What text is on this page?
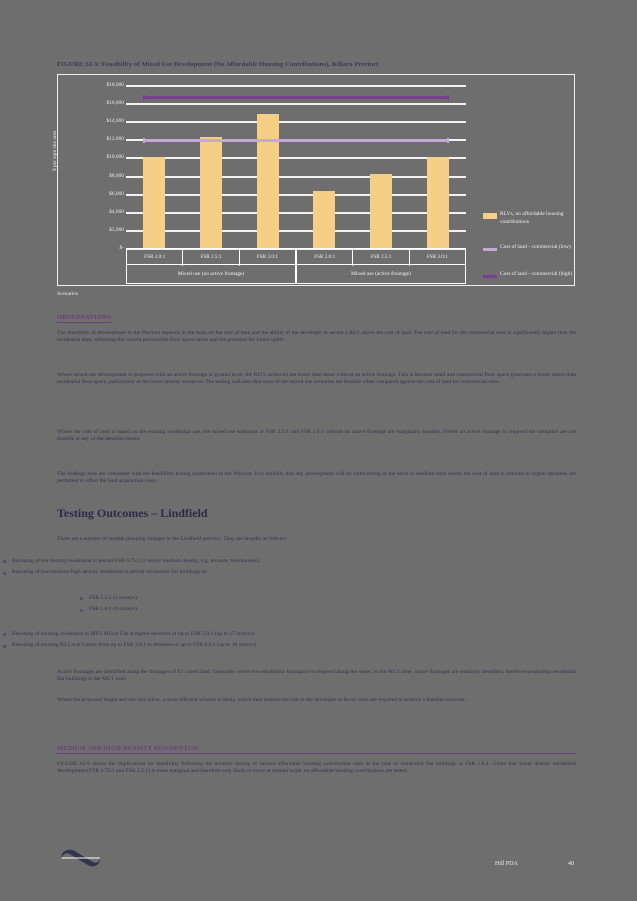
FIGURE S2-5: Feasibility of Mixed Use Development (No Affordable Housing Contributions), Killara Precinct
$ per sqm site area
$18,000
$16,000
$14,000
$12,000
$10,000
$8,000
$6,000
$4,000
$2,000
$-
FSR 2.0:1	FSR 2.5:1	FSR 3.0:1
Mixed use (no active frontage)
FSR 2.0:1	FSR 2.5:1	FSR 3.0:1
Mixed use (active frontage)
RLVs, no affordable housing contributions
Cost of land - commercial (low)
Cost of land - commercial (high)
Scenarios
OBSERVATIONS

The feasibility of development in the Precinct depends in the main on the cost of land and the ability of the developer to secure a RLV above the cost of land. The cost of land for the commercial sites is significantly higher than the residential sites, reflecting the current permissible floor space ratios and the potential for future uplift.

Where mixed use development is proposed with an active frontage at ground level, the RLVs achieved are lower than those without an active frontage. This is because retail and commercial floor space generates a lower return than residential floor space, particularly at the lower density scenarios. The testing indicates that none of the mixed use scenarios are feasible when compared against the cost of land for commercial sites.

Where the cost of land is based on the existing residential use, the mixed use scenarios at FSR 2.5:1 and FSR 3.0:1 without an active frontage are marginally feasible. Where an active frontage is required the scenarios are not feasible at any of the densities tested.

The findings here are consistent with the feasibility testing undertaken in the Precinct. It is unlikely that any development will be forthcoming in the short to medium term unless the cost of land is reduced or higher densities are permitted to offset the land acquisition costs.

Testing Outcomes – Lindfield

There are a number of notable planning changes in the Lindfield precinct. They are broadly as follows:

Rezoning of low density residential to permit FSR 0.75:1 (3 storey medium density, e.g. terraces, townhouses).
Rezoning of low/medium/high density residential to permit residential flat buildings at:
FSR 1.2:1 (5 storeys)
FSR 1.8:1 (8 storeys)
Rezoning of existing residential to MU1 Mixed Use at higher densities of up to FSR 5.0:1 (up to 17 storeys).
Rezoning of existing B2 Local Centre from up to FSR 3.0:1 to densities of up to FSR 6.0:1 (up to 18 storeys).

Active frontages are identified along the frontages of E1 zoned land. Generally where non-residential floorspace is required along the street, in the MU1 zone, active frontages are similarly identified, therefore precluding residential flat buildings in the MU1 zone.

Where the proposed height and site size allow, a more efficient scheme is likely, which then reduces the risk to the developer as fewer units are required to achieve a feasible outcome.

MEDIUM AND HIGH DENSITY RESIDENTIAL

FIGURE S2-6 shows the implications for feasibility following the iterative testing of various affordable housing contribution rates in the case of residential flat buildings at FSR 1.8:1. Given that lower density residential development (FSR 0.75:1 and FSR 1.2:1) is more marginal and therefore only likely to occur at smaller scale, no affordable housing contributions are tested.

Hill PDA	40
